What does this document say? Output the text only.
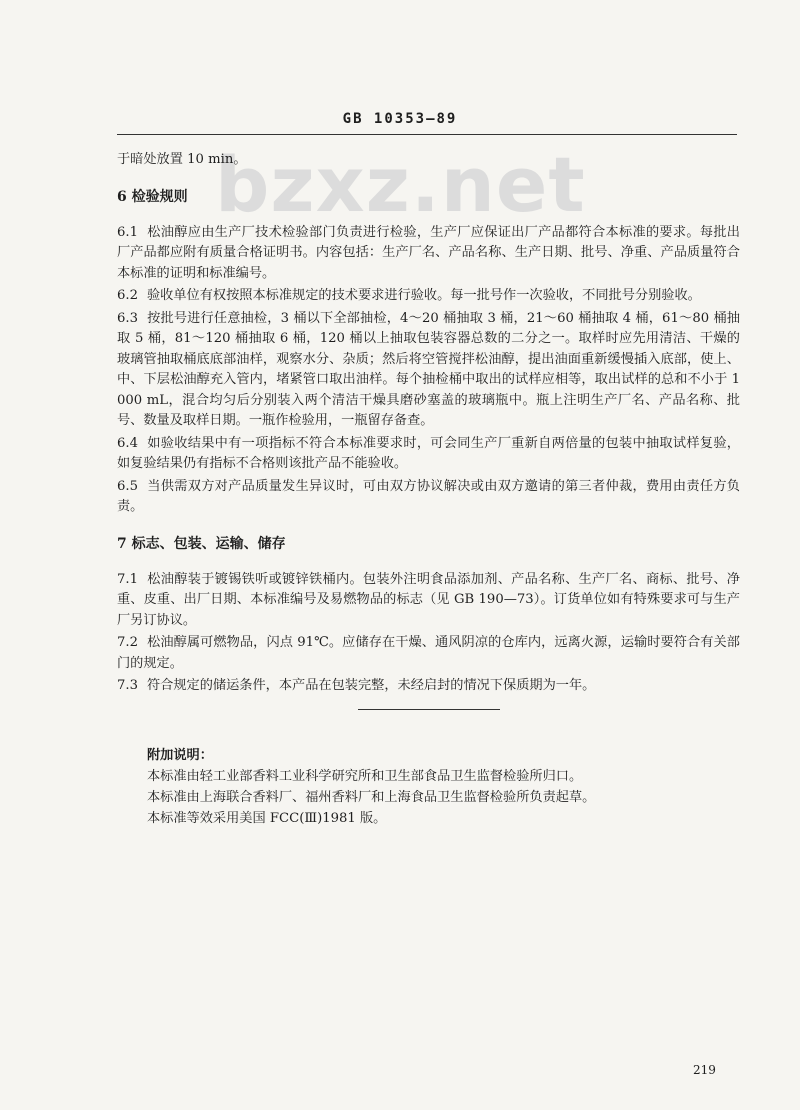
GB 10353—89
bzxz.net

于暗处放置 10 min。

6 检验规则

6.1 松油醇应由生产厂技术检验部门负责进行检验，生产厂应保证出厂产品都符合本标准的要求。每批出厂产品都应附有质量合格证明书。内容包括：生产厂名、产品名称、生产日期、批号、净重、产品质量符合本标准的证明和标准编号。

6.2 验收单位有权按照本标准规定的技术要求进行验收。每一批号作一次验收，不同批号分别验收。

6.3 按批号进行任意抽检，3 桶以下全部抽检，4～20 桶抽取 3 桶，21～60 桶抽取 4 桶，61～80 桶抽取 5 桶，81～120 桶抽取 6 桶，120 桶以上抽取包装容器总数的二分之一。取样时应先用清洁、干燥的玻璃管抽取桶底底部油样，观察水分、杂质；然后将空管搅拌松油醇，提出油面重新缓慢插入底部，使上、中、下层松油醇充入管内，堵紧管口取出油样。每个抽检桶中取出的试样应相等，取出试样的总和不小于 1 000 mL，混合均匀后分别装入两个清洁干燥具磨砂塞盖的玻璃瓶中。瓶上注明生产厂名、产品名称、批号、数量及取样日期。一瓶作检验用，一瓶留存备查。

6.4 如验收结果中有一项指标不符合本标准要求时，可会同生产厂重新自两倍量的包装中抽取试样复验，如复验结果仍有指标不合格则该批产品不能验收。

6.5 当供需双方对产品质量发生异议时，可由双方协议解决或由双方邀请的第三者仲裁，费用由责任方负责。

7 标志、包装、运输、储存

7.1 松油醇装于镀锡铁听或镀锌铁桶内。包装外注明食品添加剂、产品名称、生产厂名、商标、批号、净重、皮重、出厂日期、本标准编号及易燃物品的标志（见 GB 190—73）。订货单位如有特殊要求可与生产厂另订协议。

7.2 松油醇属可燃物品，闪点 91℃。应储存在干燥、通风阴凉的仓库内，远离火源，运输时要符合有关部门的规定。

7.3 符合规定的储运条件，本产品在包装完整，未经启封的情况下保质期为一年。

附加说明：
本标准由轻工业部香料工业科学研究所和卫生部食品卫生监督检验所归口。
本标准由上海联合香料厂、福州香料厂和上海食品卫生监督检验所负责起草。
本标准等效采用美国 FCC(Ⅲ)1981 版。
219
